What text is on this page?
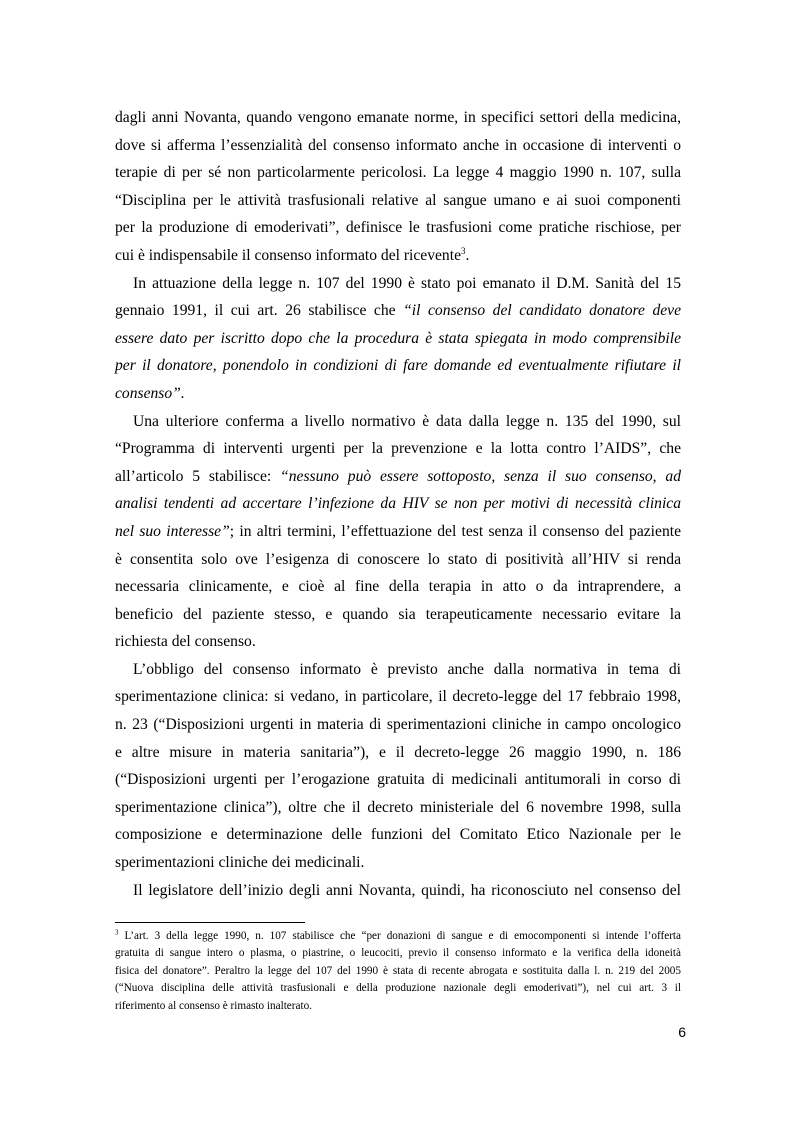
dagli anni Novanta, quando vengono emanate norme, in specifici settori della medicina,
dove si afferma l’essenzialità del consenso informato anche in occasione di interventi o
terapie di per sé non particolarmente pericolosi. La legge 4 maggio 1990 n. 107, sulla
“Disciplina per le attività trasfusionali relative al sangue umano e ai suoi componenti
per la produzione di emoderivati”, definisce le trasfusioni come pratiche rischiose, per
cui è indispensabile il consenso informato del ricevente$^3$.
In attuazione della legge n. 107 del 1990 è stato poi emanato il D.M. Sanità del 15
gennaio 1991, il cui art. 26 stabilisce che “il consenso del candidato donatore deve
essere dato per iscritto dopo che la procedura è stata spiegata in modo comprensibile
per il donatore, ponendolo in condizioni di fare domande ed eventualmente rifiutare il
consenso”.
Una ulteriore conferma a livello normativo è data dalla legge n. 135 del 1990, sul
“Programma di interventi urgenti per la prevenzione e la lotta contro l’AIDS”, che
all’articolo 5 stabilisce: “nessuno può essere sottoposto, senza il suo consenso, ad
analisi tendenti ad accertare l’infezione da HIV se non per motivi di necessità clinica
nel suo interesse”; in altri termini, l’effettuazione del test senza il consenso del paziente
è consentita solo ove l’esigenza di conoscere lo stato di positività all’HIV si renda
necessaria clinicamente, e cioè al fine della terapia in atto o da intraprendere, a
beneficio del paziente stesso, e quando sia terapeuticamente necessario evitare la
richiesta del consenso.
L’obbligo del consenso informato è previsto anche dalla normativa in tema di
sperimentazione clinica: si vedano, in particolare, il decreto-legge del 17 febbraio 1998,
n. 23 (“Disposizioni urgenti in materia di sperimentazioni cliniche in campo oncologico
e altre misure in materia sanitaria”), e il decreto-legge 26 maggio 1990, n. 186
(“Disposizioni urgenti per l’erogazione gratuita di medicinali antitumorali in corso di
sperimentazione clinica”), oltre che il decreto ministeriale del 6 novembre 1998, sulla
composizione e determinazione delle funzioni del Comitato Etico Nazionale per le
sperimentazioni cliniche dei medicinali.
Il legislatore dell’inizio degli anni Novanta, quindi, ha riconosciuto nel consenso del
$^3$ L’art. 3 della legge 1990, n. 107 stabilisce che “per donazioni di sangue e di emocomponenti si intende l’offerta
gratuita di sangue intero o plasma, o piastrine, o leucociti, previo il consenso informato e la verifica della idoneità
fisica del donatore”. Peraltro la legge del 107 del 1990 è stata di recente abrogata e sostituita dalla l. n. 219 del 2005
(“Nuova disciplina delle attività trasfusionali e della produzione nazionale degli emoderivati”), nel cui art. 3 il
riferimento al consenso è rimasto inalterato.
6
